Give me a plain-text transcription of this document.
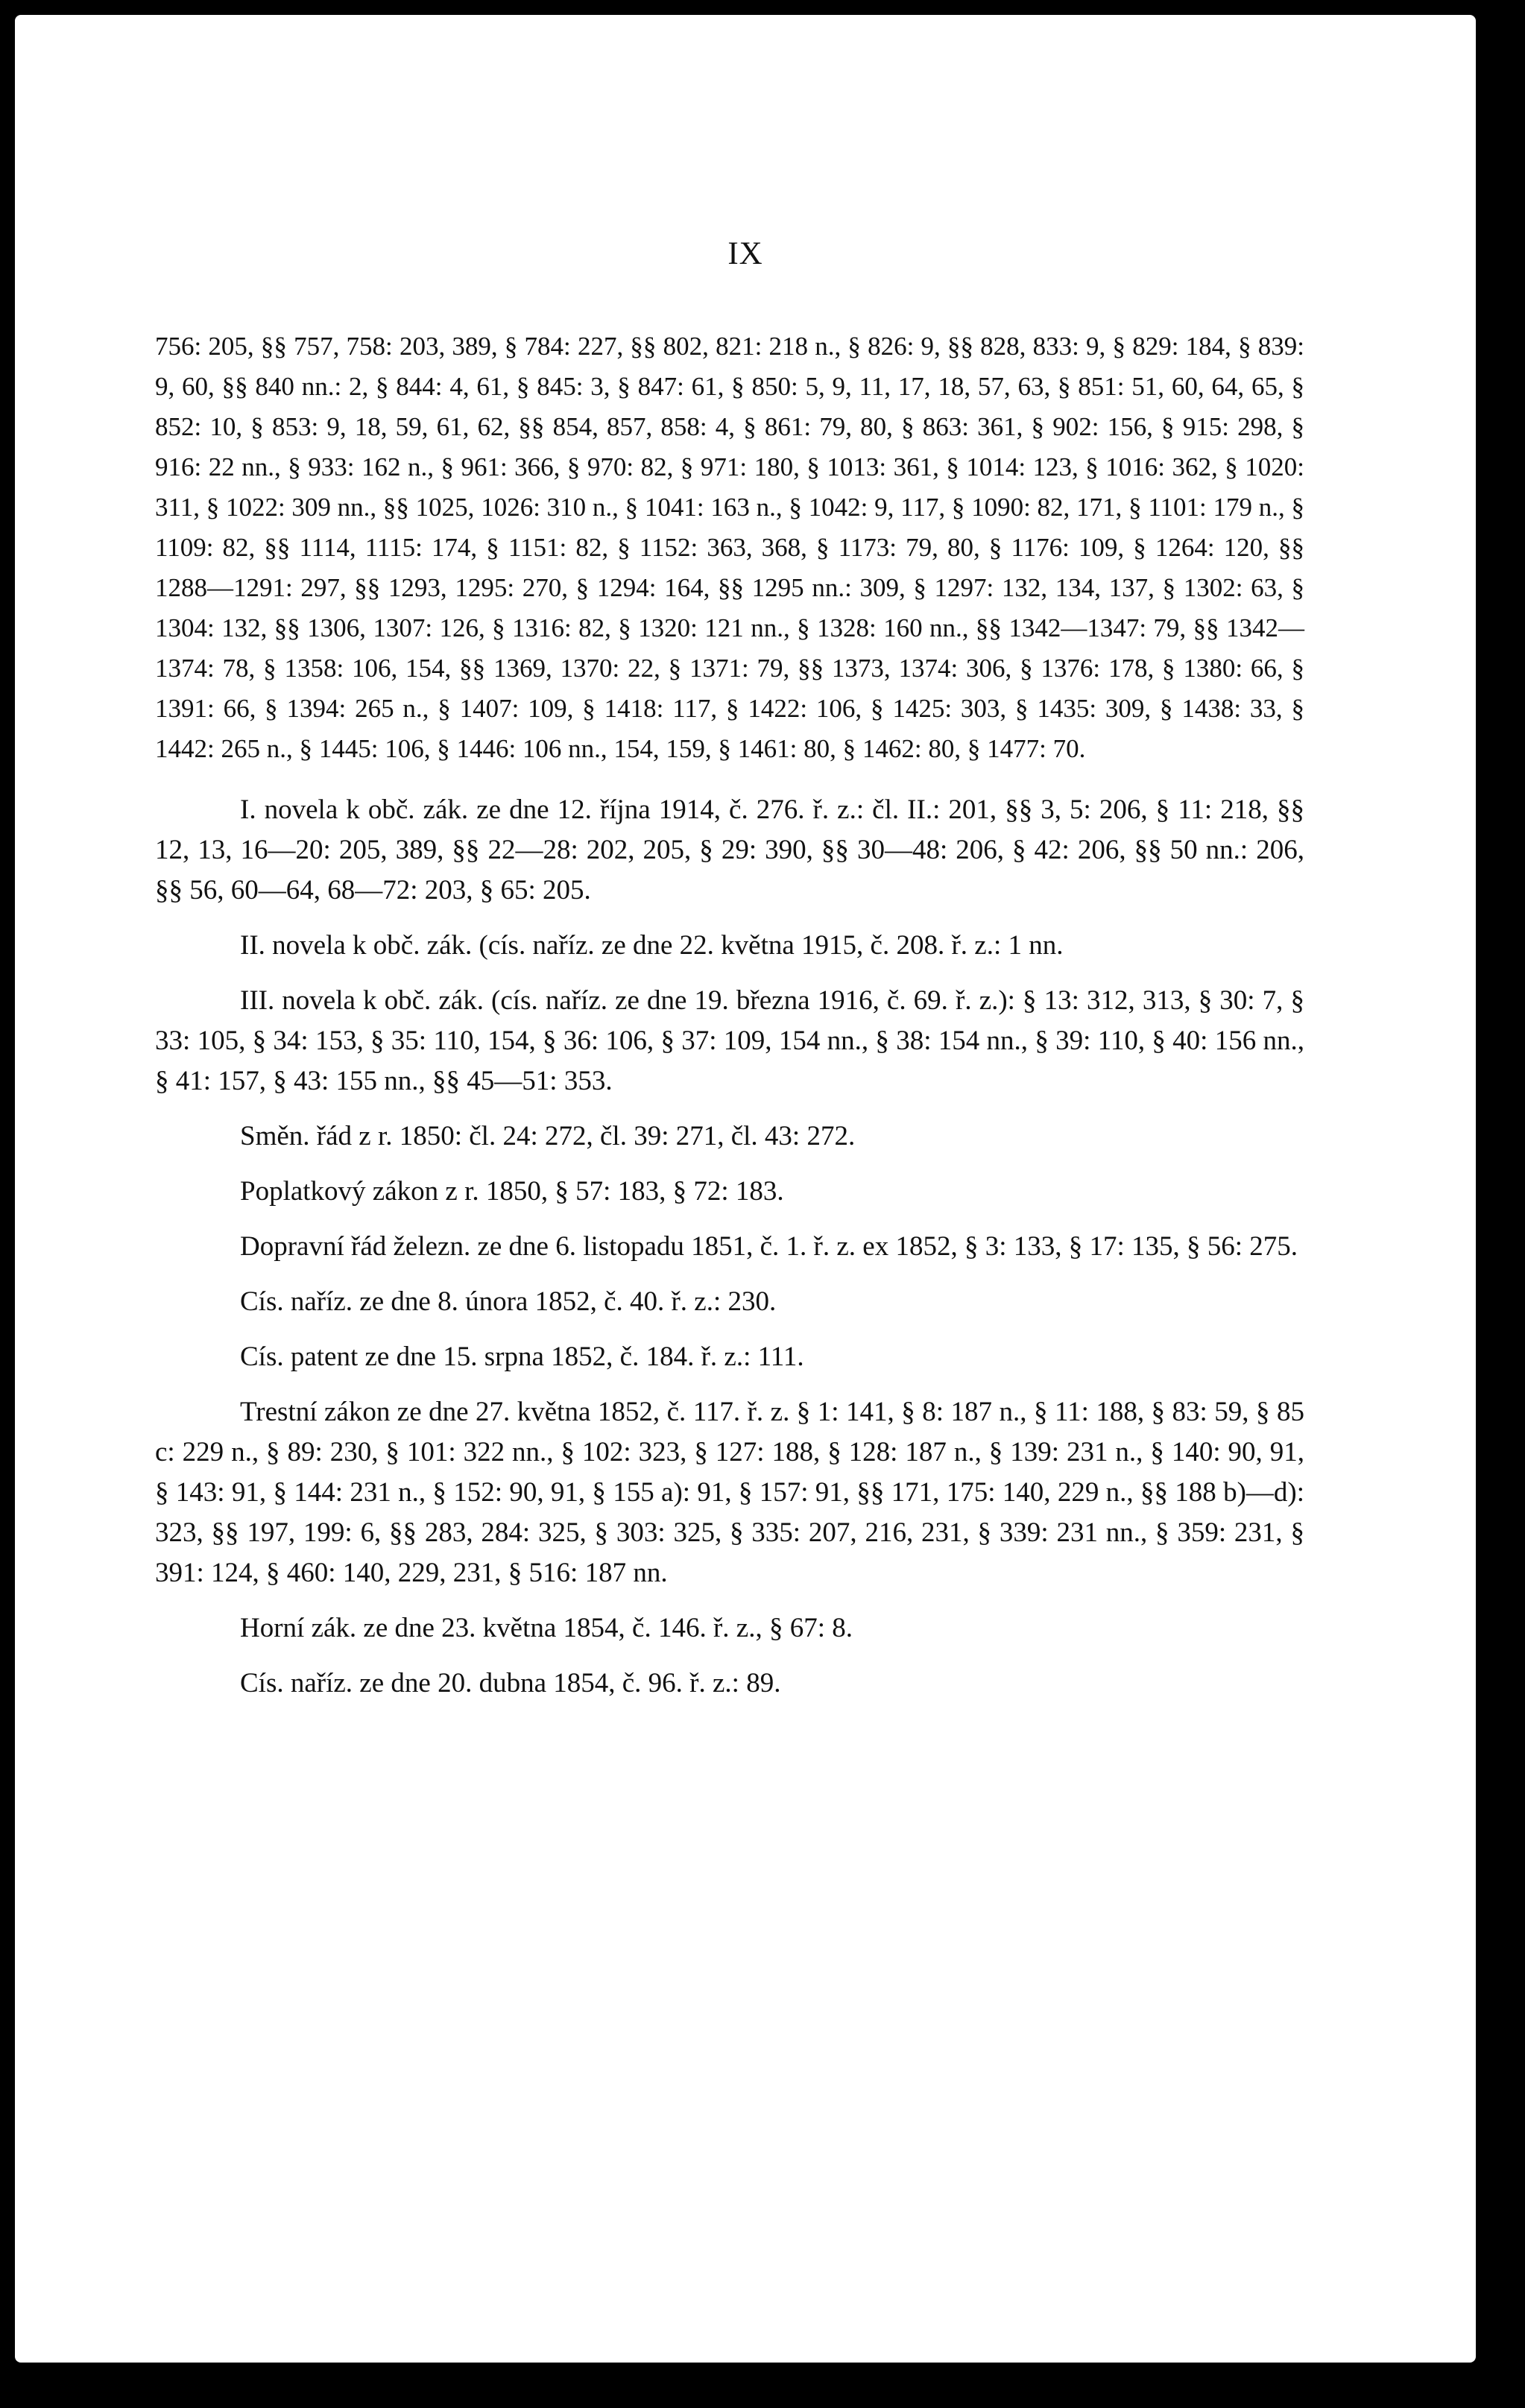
IX

756: 205, §§ 757, 758: 203, 389, § 784: 227, §§ 802, 821: 218 n., § 826: 9, §§ 828, 833: 9, § 829: 184, § 839: 9, 60, §§ 840 nn.: 2, § 844: 4, 61, § 845: 3, § 847: 61, § 850: 5, 9, 11, 17, 18, 57, 63, § 851: 51, 60, 64, 65, § 852: 10, § 853: 9, 18, 59, 61, 62, §§ 854, 857, 858: 4, § 861: 79, 80, § 863: 361, § 902: 156, § 915: 298, § 916: 22 nn., § 933: 162 n., § 961: 366, § 970: 82, § 971: 180, § 1013: 361, § 1014: 123, § 1016: 362, § 1020: 311, § 1022: 309 nn., §§ 1025, 1026: 310 n., § 1041: 163 n., § 1042: 9, 117, § 1090: 82, 171, § 1101: 179 n., § 1109: 82, §§ 1114, 1115: 174, § 1151: 82, § 1152: 363, 368, § 1173: 79, 80, § 1176: 109, § 1264: 120, §§ 1288—1291: 297, §§ 1293, 1295: 270, § 1294: 164, §§ 1295 nn.: 309, § 1297: 132, 134, 137, § 1302: 63, § 1304: 132, §§ 1306, 1307: 126, § 1316: 82, § 1320: 121 nn., § 1328: 160 nn., §§ 1342—1347: 79, §§ 1342—1374: 78, § 1358: 106, 154, §§ 1369, 1370: 22, § 1371: 79, §§ 1373, 1374: 306, § 1376: 178, § 1380: 66, § 1391: 66, § 1394: 265 n., § 1407: 109, § 1418: 117, § 1422: 106, § 1425: 303, § 1435: 309, § 1438: 33, § 1442: 265 n., § 1445: 106, § 1446: 106 nn., 154, 159, § 1461: 80, § 1462: 80, § 1477: 70.

I. novela k obč. zák. ze dne 12. října 1914, č. 276. ř. z.: čl. II.: 201, §§ 3, 5: 206, § 11: 218, §§ 12, 13, 16—20: 205, 389, §§ 22—28: 202, 205, § 29: 390, §§ 30—48: 206, § 42: 206, §§ 50 nn.: 206, §§ 56, 60—64, 68—72: 203, § 65: 205.

II. novela k obč. zák. (cís. naříz. ze dne 22. května 1915, č. 208. ř. z.: 1 nn.

III. novela k obč. zák. (cís. naříz. ze dne 19. března 1916, č. 69. ř. z.): § 13: 312, 313, § 30: 7, § 33: 105, § 34: 153, § 35: 110, 154, § 36: 106, § 37: 109, 154 nn., § 38: 154 nn., § 39: 110, § 40: 156 nn., § 41: 157, § 43: 155 nn., §§ 45—51: 353.

Směn. řád z r. 1850: čl. 24: 272, čl. 39: 271, čl. 43: 272.

Poplatkový zákon z r. 1850, § 57: 183, § 72: 183.

Dopravní řád železn. ze dne 6. listopadu 1851, č. 1. ř. z. ex 1852, § 3: 133, § 17: 135, § 56: 275.

Cís. naříz. ze dne 8. února 1852, č. 40. ř. z.: 230.

Cís. patent ze dne 15. srpna 1852, č. 184. ř. z.: 111.

Trestní zákon ze dne 27. května 1852, č. 117. ř. z. § 1: 141, § 8: 187 n., § 11: 188, § 83: 59, § 85 c: 229 n., § 89: 230, § 101: 322 nn., § 102: 323, § 127: 188, § 128: 187 n., § 139: 231 n., § 140: 90, 91, § 143: 91, § 144: 231 n., § 152: 90, 91, § 155 a): 91, § 157: 91, §§ 171, 175: 140, 229 n., §§ 188 b)—d): 323, §§ 197, 199: 6, §§ 283, 284: 325, § 303: 325, § 335: 207, 216, 231, § 339: 231 nn., § 359: 231, § 391: 124, § 460: 140, 229, 231, § 516: 187 nn.

Horní zák. ze dne 23. května 1854, č. 146. ř. z., § 67: 8.

Cís. naříz. ze dne 20. dubna 1854, č. 96. ř. z.: 89.
